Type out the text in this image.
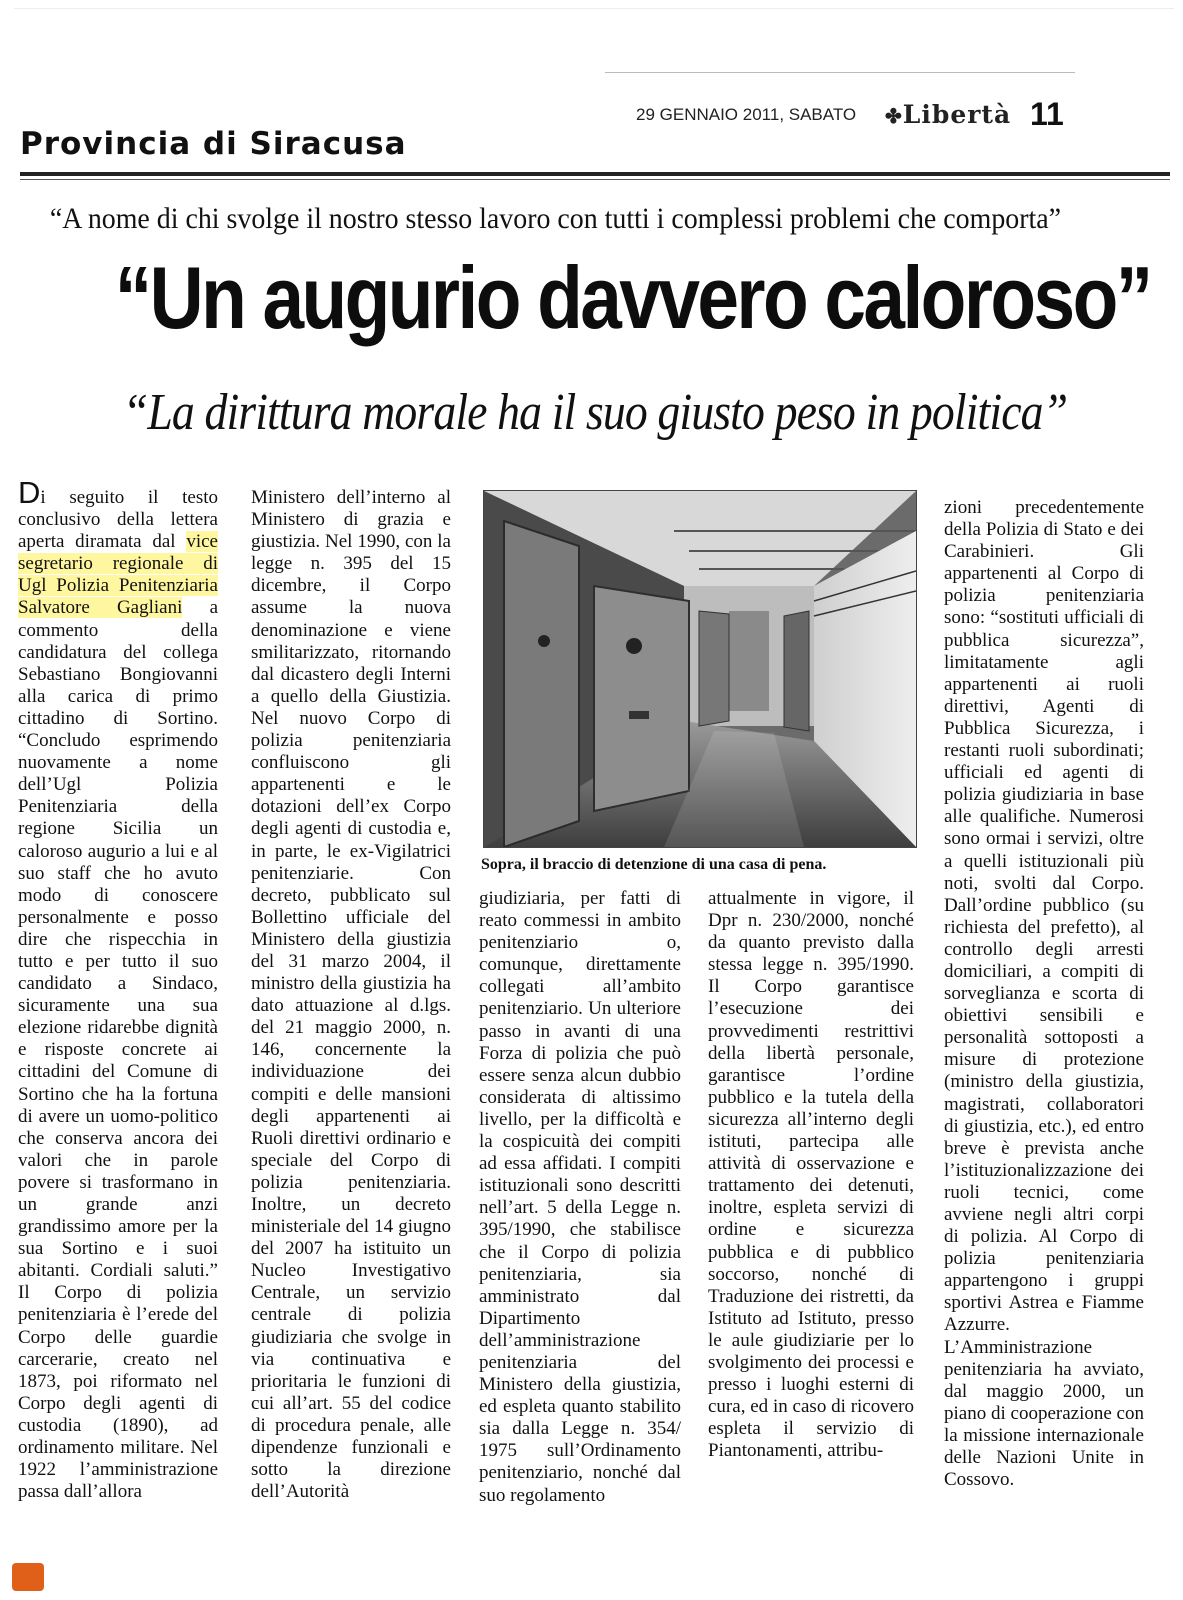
29 GENNAIO 2011, SABATO ✤Libertà 11
Provincia di Siracusa
“A nome di chi svolge il nostro stesso lavoro con tutti i complessi problemi che comporta”
“Un augurio davvero caloroso”
“La dirittura morale ha il suo giusto peso in politica”

Di seguito il testo conclusivo della lettera aperta diramata dal vice segretario regionale di Ugl Polizia Penitenziaria Salvatore Gagliani a commento della candidatura del collega Sebastiano Bongiovanni alla carica di primo cittadino di Sortino. “Concludo esprimendo nuovamente a nome dell’Ugl Polizia Penitenziaria della regione Sicilia un caloroso augurio a lui e al suo staff che ho avuto modo di conoscere personalmente e posso dire che rispecchia in tutto e per tutto il suo candidato a Sindaco, sicuramente una sua elezione ridarebbe dignità e risposte concrete ai cittadini del Comune di Sortino che ha la fortuna di avere un uomo-politico che conserva ancora dei valori che in parole povere si trasformano in un grande anzi grandissimo amore per la sua Sortino e i suoi abitanti. Cordiali saluti.” Il Corpo di polizia penitenziaria è l’erede del Corpo delle guardie carcerarie, creato nel 1873, poi riformato nel Corpo degli agenti di custodia (1890), ad ordinamento militare. Nel 1922 l’amministrazione passa dall’allora

Ministero dell’interno al Ministero di grazia e giustizia. Nel 1990, con la legge n. 395 del 15 dicembre, il Corpo assume la nuova denominazione e viene smilitarizzato, ritornando dal dicastero degli Interni a quello della Giustizia. Nel nuovo Corpo di polizia penitenziaria confluiscono gli appartenenti e le dotazioni dell’ex Corpo degli agenti di custodia e, in parte, le ex-Vigilatrici penitenziarie. Con decreto, pubblicato sul Bollettino ufficiale del Ministero della giustizia del 31 marzo 2004, il ministro della giustizia ha dato attuazione al d.lgs. del 21 maggio 2000, n. 146, concernente la individuazione dei compiti e delle mansioni degli appartenenti ai Ruoli direttivi ordinario e speciale del Corpo di polizia penitenziaria. Inoltre, un decreto ministeriale del 14 giugno del 2007 ha istituito un Nucleo Investigativo Centrale, un servizio centrale di polizia giudiziaria che svolge in via continuativa e prioritaria le funzioni di cui all’art. 55 del codice di procedura penale, alle dipendenze funzionali e sotto la direzione dell’Autorità

Sopra, il braccio di detenzione di una casa di pena.

giudiziaria, per fatti di reato commessi in ambito penitenziario o, comunque, direttamente collegati all’ambito penitenziario. Un ulteriore passo in avanti di una Forza di polizia che può essere senza alcun dubbio considerata di altissimo livello, per la difficoltà e la cospicuità dei compiti ad essa affidati. I compiti istituzionali sono descritti nell’art. 5 della Legge n. 395/1990, che stabilisce che il Corpo di polizia penitenziaria, sia amministrato dal Dipartimento dell’amministrazione penitenziaria del Ministero della giustizia, ed espleta quanto stabilito sia dalla Legge n. 354/ 1975 sull’Ordinamento penitenziario, nonché dal suo regolamento

attualmente in vigore, il Dpr n. 230/2000, nonché da quanto previsto dalla stessa legge n. 395/1990. Il Corpo garantisce l’esecuzione dei provvedimenti restrittivi della libertà personale, garantisce l’ordine pubblico e la tutela della sicurezza all’interno degli istituti, partecipa alle attività di osservazione e trattamento dei detenuti, inoltre, espleta servizi di ordine e sicurezza pubblica e di pubblico soccorso, nonché di Traduzione dei ristretti, da Istituto ad Istituto, presso le aule giudiziarie per lo svolgimento dei processi e presso i luoghi esterni di cura, ed in caso di ricovero espleta il servizio di Piantonamenti, attribu-

zioni precedentemente della Polizia di Stato e dei Carabinieri. Gli appartenenti al Corpo di polizia penitenziaria sono: “sostituti ufficiali di pubblica sicurezza”, limitatamente agli appartenenti ai ruoli direttivi, Agenti di Pubblica Sicurezza, i restanti ruoli subordinati; ufficiali ed agenti di polizia giudiziaria in base alle qualifiche. Numerosi sono ormai i servizi, oltre a quelli istituzionali più noti, svolti dal Corpo. Dall’ordine pubblico (su richiesta del prefetto), al controllo degli arresti domiciliari, a compiti di sorveglianza e scorta di obiettivi sensibili e personalità sottoposti a misure di protezione (ministro della giustizia, magistrati, collaboratori di giustizia, etc.), ed entro breve è prevista anche l’istituzionalizzazione dei ruoli tecnici, come avviene negli altri corpi di polizia. Al Corpo di polizia penitenziaria appartengono i gruppi sportivi Astrea e Fiamme Azzurre. L’Amministrazione penitenziaria ha avviato, dal maggio 2000, un piano di cooperazione con la missione internazionale delle Nazioni Unite in Cossovo.
